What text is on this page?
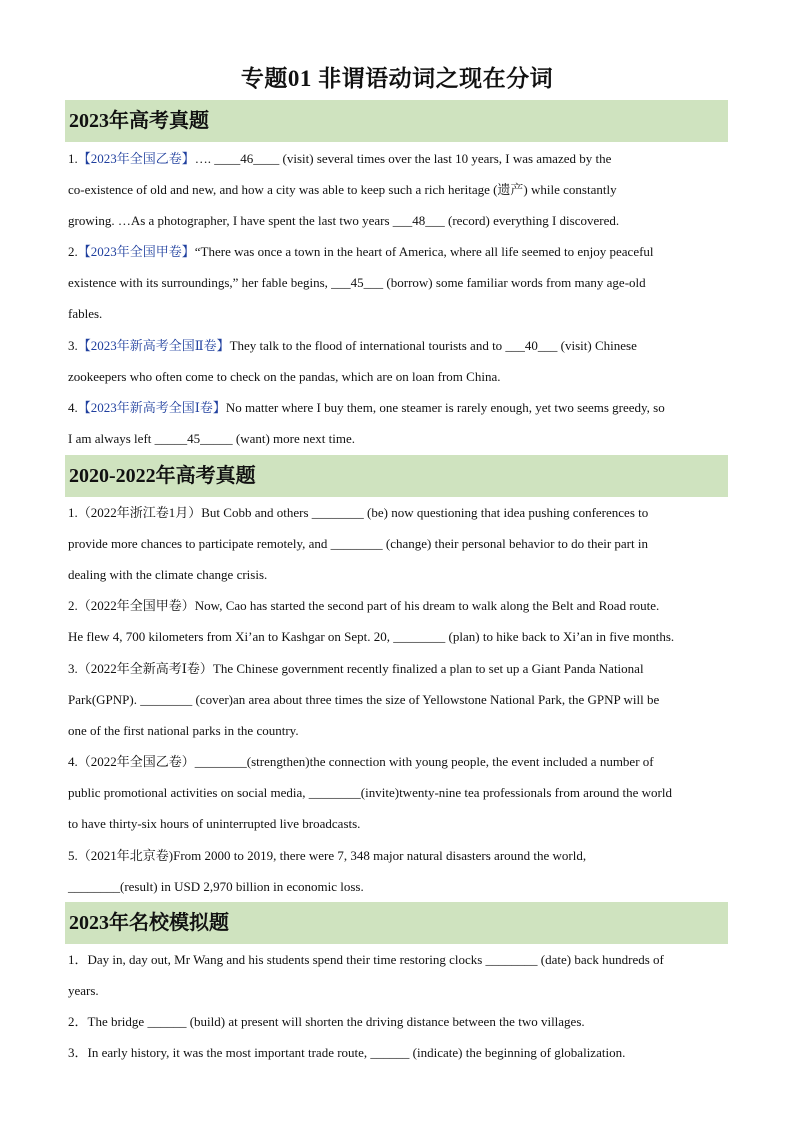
专题01 非谓语动词之现在分词
2023年高考真题
1.【2023年全国乙卷】…. ____46____ (visit) several times over the last 10 years, I was amazed by the
co-existence of old and new, and how a city was able to keep such a rich heritage (遗产) while constantly
growing. …As a photographer, I have spent the last two years ___48___ (record) everything I discovered.
2.【2023年全国甲卷】“There was once a town in the heart of America, where all life seemed to enjoy peaceful
existence with its surroundings,” her fable begins, ___45___ (borrow) some familiar words from many age-old
fables.
3.【2023年新高考全国Ⅱ卷】They talk to the flood of international tourists and to ___40___ (visit) Chinese
zookeepers who often come to check on the pandas, which are on loan from China.
4.【2023年新高考全国Ⅰ卷】No matter where I buy them, one steamer is rarely enough, yet two seems greedy, so
I am always left _____45_____ (want) more next time.
2020-2022年高考真题
1.（2022年浙江卷1月）But Cobb and others ________ (be) now questioning that idea pushing conferences to
provide more chances to participate remotely, and ________ (change) their personal behavior to do their part in
dealing with the climate change crisis.
2.（2022年全国甲卷）Now, Cao has started the second part of his dream to walk along the Belt and Road route.
He flew 4, 700 kilometers from Xi’an to Kashgar on Sept. 20, ________ (plan) to hike back to Xi’an in five months.
3.（2022年全新高考Ⅰ卷）The Chinese government recently finalized a plan to set up a Giant Panda National
Park(GPNP). ________ (cover)an area about three times the size of Yellowstone National Park, the GPNP will be
one of the first national parks in the country.
4.（2022年全国乙卷）________(strengthen)the connection with young people, the event included a number of
public promotional activities on social media, ________(invite)twenty-nine tea professionals from around the world
to have thirty-six hours of uninterrupted live broadcasts.
5.（2021年北京卷)From 2000 to 2019, there were 7, 348 major natural disasters around the world,
________(result) in USD 2,970 billion in economic loss.
2023年名校模拟题
1．Day in, day out, Mr Wang and his students spend their time restoring clocks ________ (date) back hundreds of
years.
2．The bridge ______ (build) at present will shorten the driving distance between the two villages.
3．In early history, it was the most important trade route, ______ (indicate) the beginning of globalization.
